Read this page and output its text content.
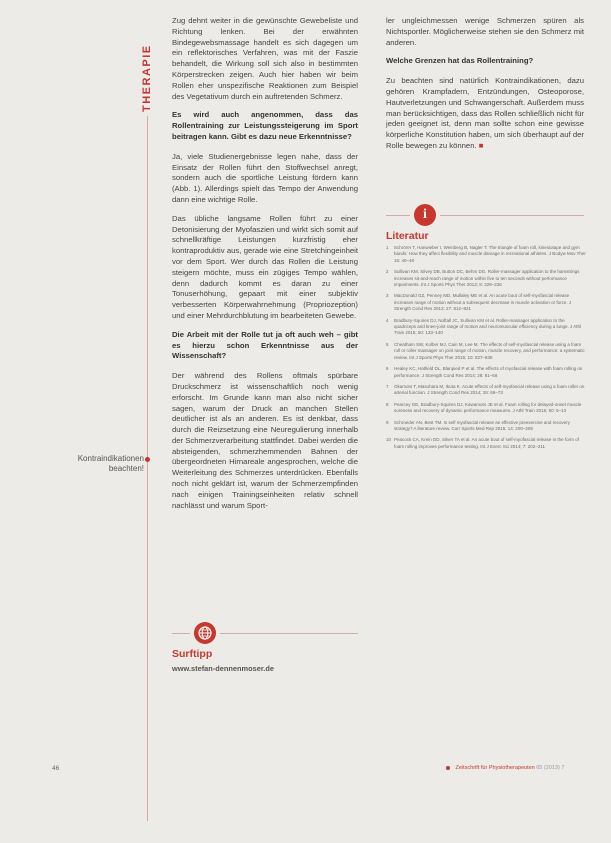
THERAPIE
Kontraindikationen beachten!

Zug dehnt weiter in die gewünschte Gewebeliste und Richtung lenken. Bei der erwähnten Bindegewebsmassage handelt es sich dagegen um ein reflektorisches Verfahren, was mit der Faszie behandelt, die Wirkung soll sich also in bestimmten Körperstrecken zeigen. Auch hier haben wir beim Rollen eher unspezifische Reaktionen zum Beispiel des Vegetativum durch ein auftretenden Schmerz.

Es wird auch angenommen, dass das Rollentraining zur Leistungssteigerung im Sport beitragen kann. Gibt es dazu neue Erkenntnisse?

Ja, viele Studienergebnisse legen nahe, dass der Einsatz der Rollen führt den Stoffwechsel anregt, sondern auch die sportliche Leistung fördern kann (Abb. 1). Allerdings spielt das Tempo der Anwendung dann eine wichtige Rolle.

Das übliche langsame Rollen führt zu einer Detonisierung der Myofaszien und wirkt sich somit auf schnellkräftige Leistungen kurzfristig eher kontraproduktiv aus, gerade wie eine Stretchingeinheit vor dem Sport. Wer durch das Rollen die Leistung steigern möchte, muss ein zügiges Tempo wählen, denn dadurch kommt es daran zu einer Tonuserhöhung, gepaart mit einer subjektiv verbesserten Körperwahrnehmung (Propriozeption) und einer Mehrdurchblutung im bearbeiteten Gewebe.

Die Arbeit mit der Rolle tut ja oft auch weh – gibt es hierzu schon Erkenntnisse aus der Wissenschaft?

Der während des Rollens oftmals spürbare Druckschmerz ist wissenschaftlich noch wenig erforscht. Im Grunde kann man also nicht sicher sagen, warum der Druck an manchen Stellen deutlicher ist als an anderen. Es ist denkbar, dass durch die Reizsetzung eine Neuregulierung innerhalb der Schmerzverarbeitung stattfindet. Dabei werden die absteigenden, schmerzhemmenden Bahnen der übergeordneten Hirnareale angesprochen, welche die Weiterleitung des Schmerzes unterdrücken. Ebenfalls noch nicht geklärt ist, warum der Schmerzempfinden nach einigen Trainingseinheiten relativ schnell nachlässt und warum Sport-

ler ungleichmessen wenige Schmerzen spüren als Nichtsportler. Möglicherweise stehen sie den Schmerz mit anderen.

Welche Grenzen hat das Rollentraining?

Zu beachten sind natürlich Kontraindikationen, dazu gehören Krampfadern, Entzündungen, Osteoporose, Hautverletzungen und Schwangerschaft. Außerdem muss man berücksichtigen, dass das Rollen schließlich nicht für jeden geeignet ist, denn man sollte schon eine gewisse körperliche Konstitution haben, um sich überhaupt auf der Rolle bewegen zu können. ■

i
Literatur
1 Schrörer T, Hanwieber I, Weinberg B, Nagler T. The triangle of foam roll, kinesiotape and gym bands: How they affect flexibility and muscle damage in recreational athletes. J Bodyw Mov Ther 16: 40–48
2 Sullivan KM, Silvey DB, Button DC, Behm DG. Roller-massager application to the hamstrings increases sit-and-reach range of motion within five to ten seconds without performance impairments. Int J Sports Phys Ther 2013; 8: 228–236
3 MacDonald GZ, Penney MD, Mullaley ME et al. An acute bout of self-myofascial release increases range of motion without a subsequent decrease in muscle activation or force. J Strength Cond Res 2013; 27: 812–821
4 Bradbury-Squires DJ, Noftall JC, Sullivan KM et al. Roller-massager application to the quadriceps and knee-joint range of motion and neuromuscular efficiency during a lunge. J Athl Train 2015; 50: 133–140
5 Cheatham SW, Kolber MJ, Cain M, Lee M. The effects of self-myofascial release using a foam roll or roller massager on joint range of motion, muscle recovery, and performance: a systematic review. Int J Sports Phys Ther 2015; 10: 827–838
6 Healey KC, Hatfield DL, Blanpied P et al. The effects of myofascial release with foam rolling on performance. J Strength Cond Res 2014; 28: 61–68
7 Okamoto T, Masuhara M, Ikuta K. Acute effects of self-myofascial release using a foam roller on arterial function. J Strength Cond Res 2014; 28: 69–73
8 Pearcey GE, Bradbury-Squires DJ, Kawamoto JE et al. Foam rolling for delayed-onset muscle soreness and recovery of dynamic performance measures. J Athl Train 2015; 50: 5–13
9 Schroeder AN, Best TM. Is self myofascial release an effective preexercise and recovery strategy? A literature review. Curr Sports Med Rep 2015; 14: 200–208
10 Peacock CA, Krein DD, Silver TA et al. An acute bout of self-myofascial release in the form of foam rolling improves performance testing. Int J Exerc Sci 2014; 7: 202–211
Surftipp
www.stefan-dennenmoser.de
46	Zeitschrift für Physiotherapeuten 65 (2013) 7
